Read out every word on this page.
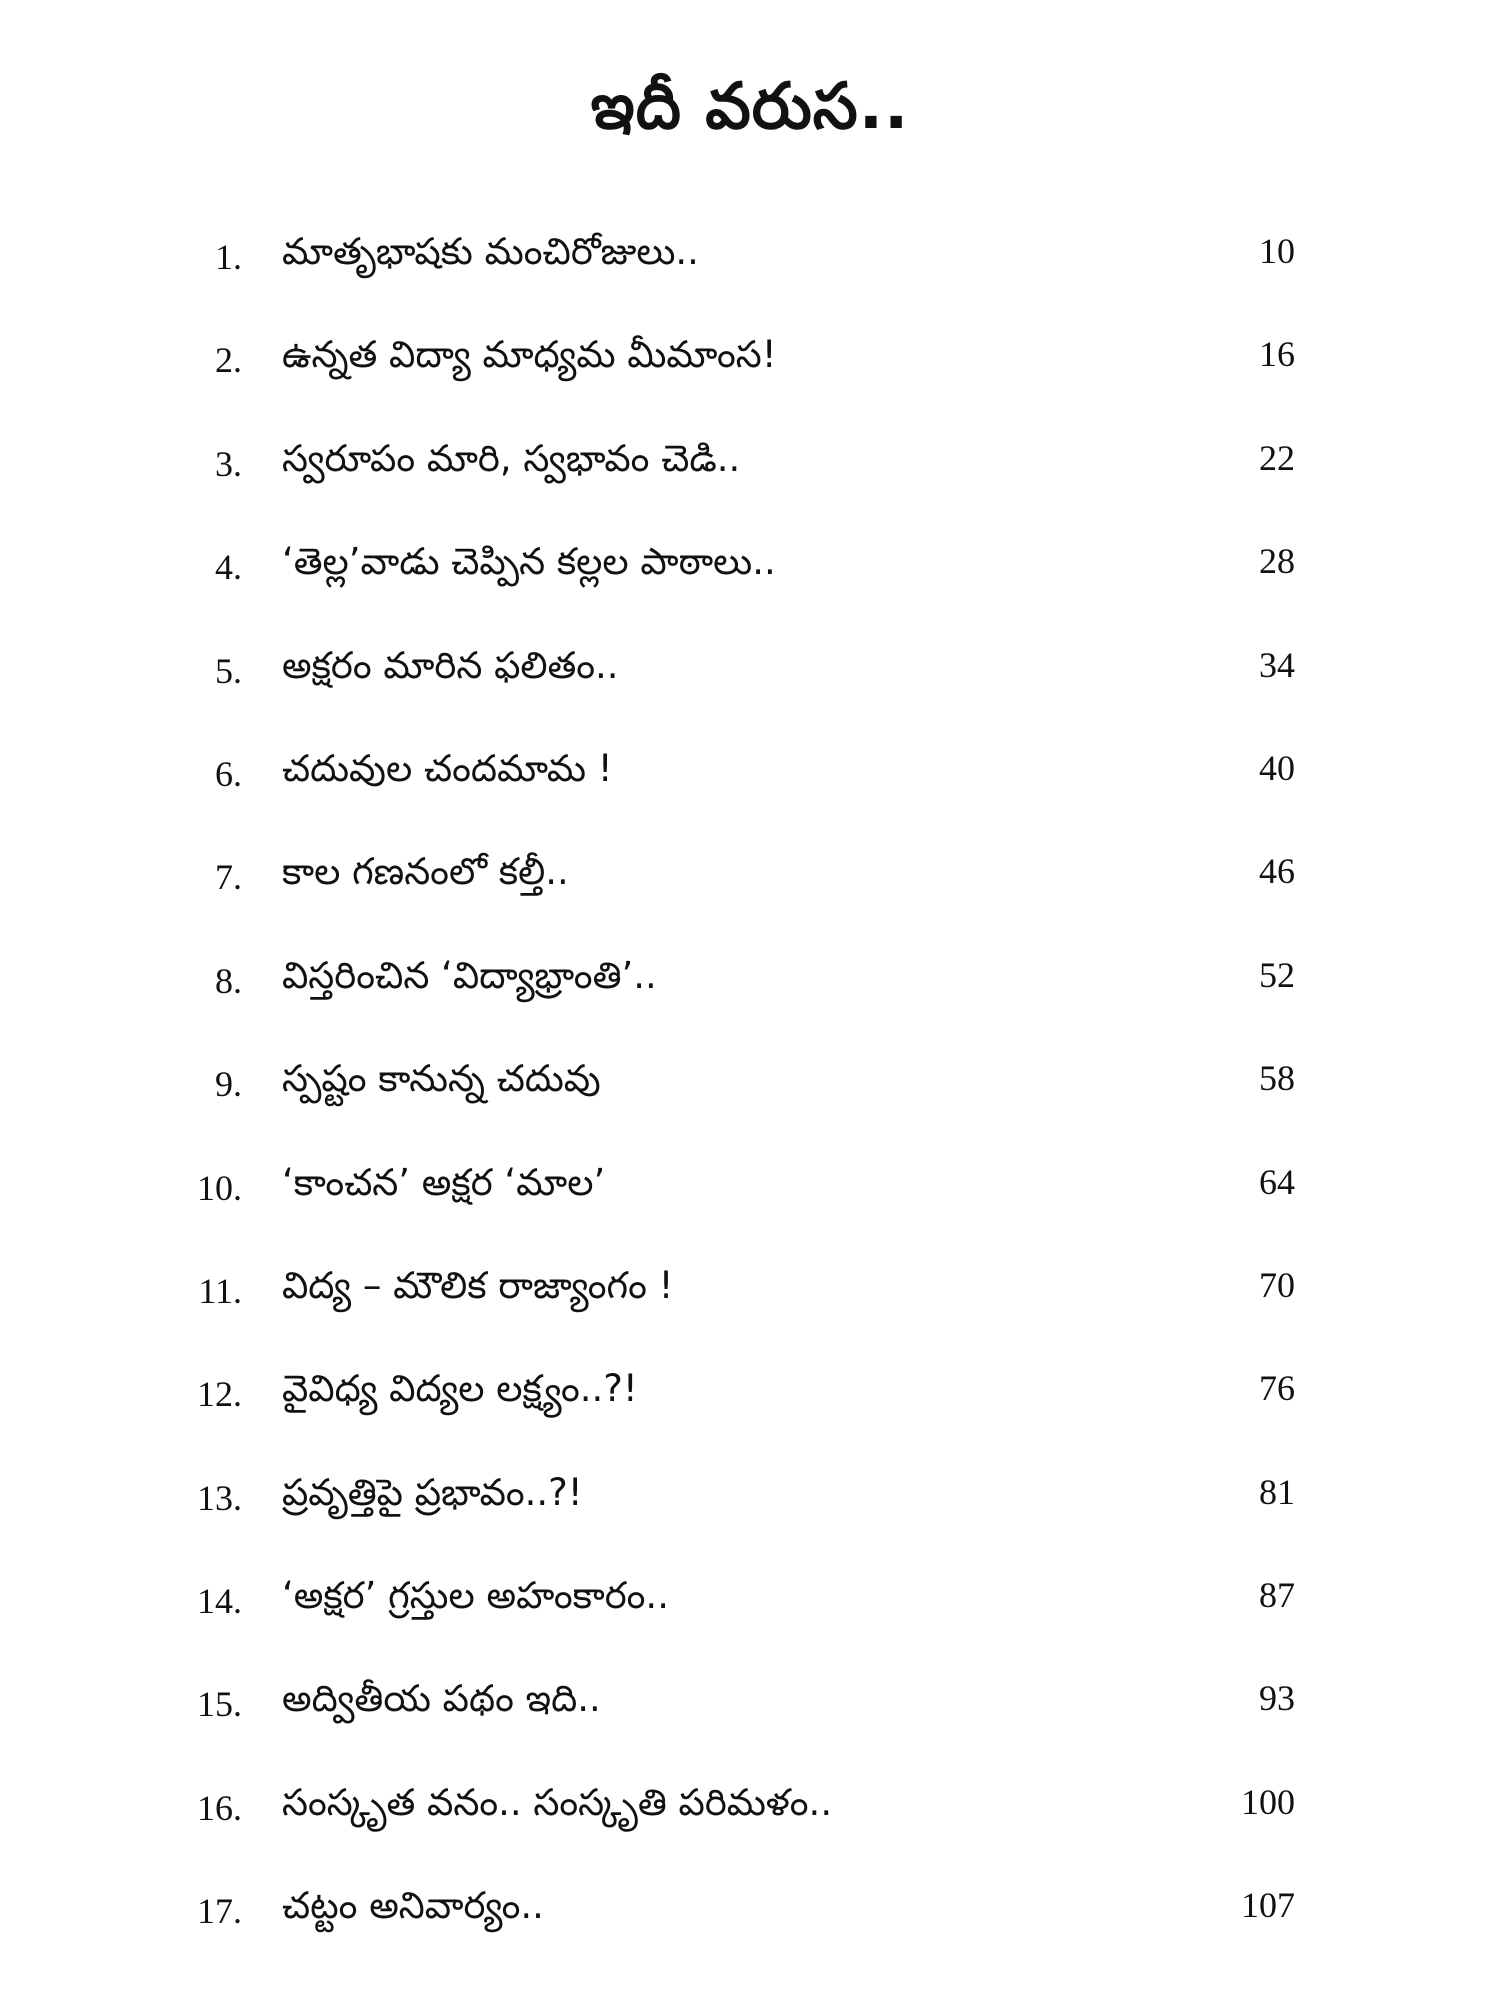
ఇదీ వరుస..
1. మాతృభాషకు మంచిరోజులు..	10
2. ఉన్నత విద్యా మాధ్యమ మీమాంస!	16
3. స్వరూపం మారి, స్వభావం చెడి..	22
4. ‘తెల్ల’వాడు చెప్పిన కల్లల పాఠాలు..	28
5. అక్షరం మారిన ఫలితం..	34
6. చదువుల చందమామ !	40
7. కాల గణనంలో కల్తీ..	46
8. విస్తరించిన ‘విద్యాభ్రాంతి’..	52
9. స్పష్టం కానున్న చదువు	58
10. ‘కాంచన’ అక్షర ‘మాల’	64
11. విద్య – మౌలిక రాజ్యాంగం !	70
12. వైవిధ్య విద్యల లక్ష్యం..?!	76
13. ప్రవృత్తిపై ప్రభావం..?!	81
14. ‘అక్షర’ గ్రస్తుల అహంకారం..	87
15. అద్వితీయ పథం ఇది..	93
16. సంస్కృత వనం.. సంస్కృతి పరిమళం..	100
17. చట్టం అనివార్యం..	107
